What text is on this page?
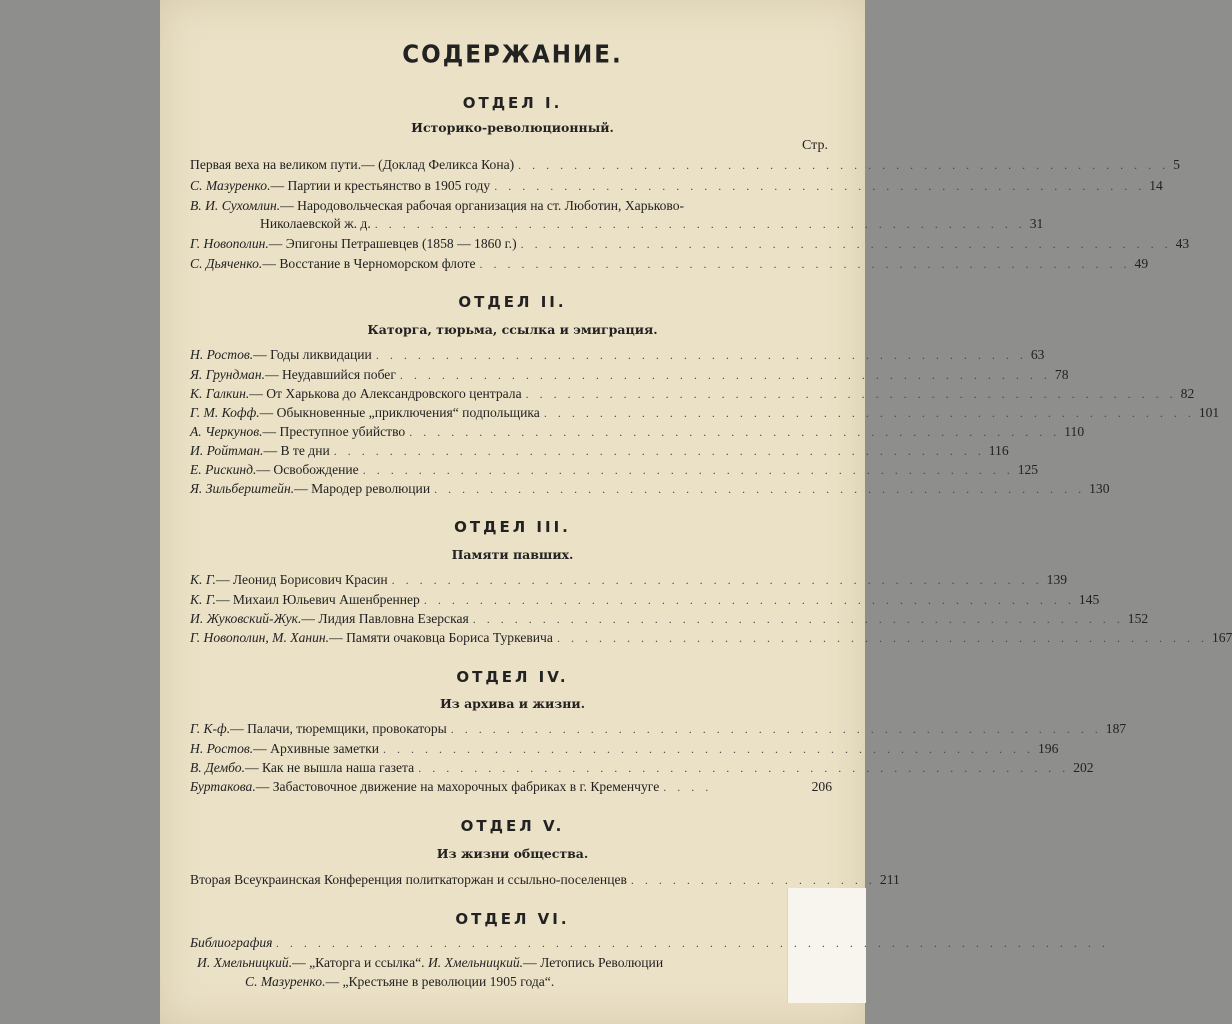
СОДЕРЖАНИЕ.
ОТДЕЛ I.
Историко-революционный.
Стр.
Первая веха на великом пути.— (Доклад Феликса Кона) . . . . . . . . . . . . . . . . . . . . . . . . . . . . . . . . . . . . . . . . . . . . . . . 5
С. Мазуренко.— Партии и крестьянство в 1905 году . . . . . . . . . . . . . . . . . . . . . . . . . . . . . . . . . . . . . . . . . . . . . . . 14
В. И. Сухомлин.— Народовольческая рабочая организация на ст. Люботин, Харьково-
Николаевской ж. д. . . . . . . . . . . . . . . . . . . . . . . . . . . . . . . . . . . . . . . . . . . . . . . . 31
Г. Новополин.— Эпигоны Петрашевцев (1858 — 1860 г.) . . . . . . . . . . . . . . . . . . . . . . . . . . . . . . . . . . . . . . . . . . . . . . . 43
С. Дьяченко.— Восстание в Черноморском флоте . . . . . . . . . . . . . . . . . . . . . . . . . . . . . . . . . . . . . . . . . . . . . . . 49
ОТДЕЛ II.
Каторга, тюрьма, ссылка и эмиграция.
Н. Ростов.— Годы ликвидации . . . . . . . . . . . . . . . . . . . . . . . . . . . . . . . . . . . . . . . . . . . . . . . 63
Я. Грундман.— Неудавшийся побег . . . . . . . . . . . . . . . . . . . . . . . . . . . . . . . . . . . . . . . . . . . . . . . 78
К. Галкин.— От Харькова до Александровского централа . . . . . . . . . . . . . . . . . . . . . . . . . . . . . . . . . . . . . . . . . . . . . . . 82
Г. М. Кофф.— Обыкновенные „приключения“ подпольщика . . . . . . . . . . . . . . . . . . . . . . . . . . . . . . . . . . . . . . . . . . . . . . . 101
А. Черкунов.— Преступное убийство . . . . . . . . . . . . . . . . . . . . . . . . . . . . . . . . . . . . . . . . . . . . . . . 110
И. Ройтман.— В те дни . . . . . . . . . . . . . . . . . . . . . . . . . . . . . . . . . . . . . . . . . . . . . . . 116
Е. Рискинд.— Освобождение . . . . . . . . . . . . . . . . . . . . . . . . . . . . . . . . . . . . . . . . . . . . . . . 125
Я. Зильберштейн.— Мародер революции . . . . . . . . . . . . . . . . . . . . . . . . . . . . . . . . . . . . . . . . . . . . . . . 130
ОТДЕЛ III.
Памяти павших.
К. Г.— Леонид Борисович Красин . . . . . . . . . . . . . . . . . . . . . . . . . . . . . . . . . . . . . . . . . . . . . . . 139
К. Г.— Михаил Юльевич Ашенбреннер . . . . . . . . . . . . . . . . . . . . . . . . . . . . . . . . . . . . . . . . . . . . . . . 145
И. Жуковский-Жук.— Лидия Павловна Езерская . . . . . . . . . . . . . . . . . . . . . . . . . . . . . . . . . . . . . . . . . . . . . . . 152
Г. Новополин, М. Ханин.— Памяти очаковца Бориса Туркевича . . . . . . . . . . . . . . . . . . . . . . . . . . . . . . . . . . . . . . . . . . . . . . . 167
ОТДЕЛ IV.
Из архива и жизни.
Г. К-ф.— Палачи, тюремщики, провокаторы . . . . . . . . . . . . . . . . . . . . . . . . . . . . . . . . . . . . . . . . . . . . . . . 187
Н. Ростов.— Архивные заметки . . . . . . . . . . . . . . . . . . . . . . . . . . . . . . . . . . . . . . . . . . . . . . . 196
В. Дембо.— Как не вышла наша газета . . . . . . . . . . . . . . . . . . . . . . . . . . . . . . . . . . . . . . . . . . . . . . . 202
Буртакова.— Забастовочное движение на махорочных фабриках в г. Кременчуге . . . .	206
ОТДЕЛ V.
Из жизни общества.
Вторая Всеукраинская Конференция политкаторжан и ссыльно-поселенцев . . . . . . . . . . . . . . . . . . 211
ОТДЕЛ VI.
Библиография . . . . . . . . . . . . . . . . . . . . . . . . . . . . . . . . . . . . . . . . . . . . . . . . . . . . . . . . . . . .
И. Хмельницкий.— „Каторга и ссылка“. И. Хмельницкий.— Летопись Революции
С. Мазуренко.— „Крестьяне в революции 1905 года“.
